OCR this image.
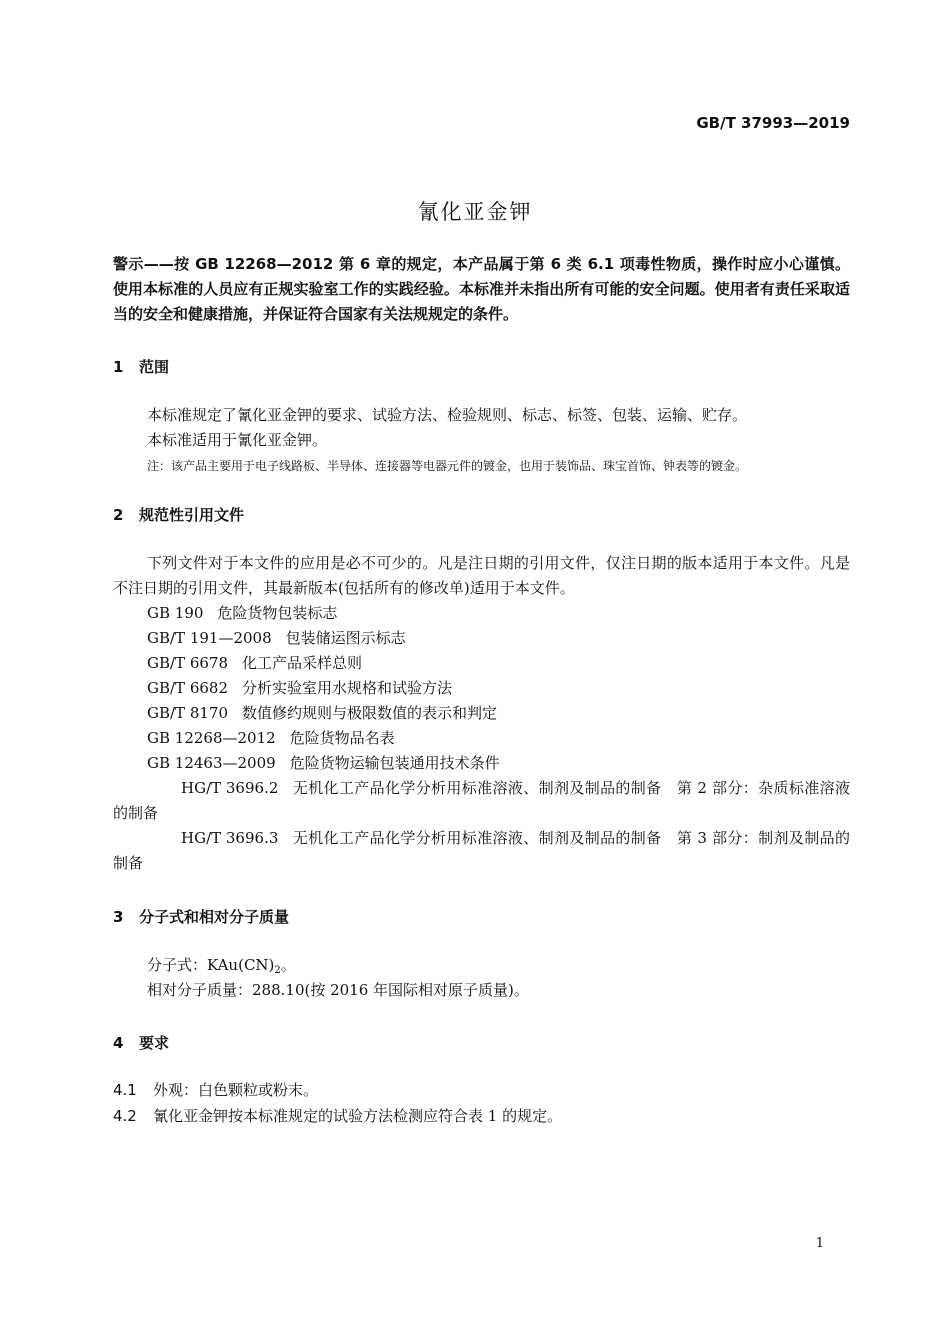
GB/T 37993—2019
氰化亚金钾
警示——按 GB 12268—2012 第 6 章的规定，本产品属于第 6 类 6.1 项毒性物质，操作时应小心谨慎。使用本标准的人员应有正规实验室工作的实践经验。本标准并未指出所有可能的安全问题。使用者有责任采取适当的安全和健康措施，并保证符合国家有关法规规定的条件。
1 范围
本标准规定了氰化亚金钾的要求、试验方法、检验规则、标志、标签、包装、运输、贮存。
本标准适用于氰化亚金钾。
注：该产品主要用于电子线路板、半导体、连接器等电器元件的镀金，也用于装饰品、珠宝首饰、钟表等的镀金。
2 规范性引用文件
下列文件对于本文件的应用是必不可少的。凡是注日期的引用文件，仅注日期的版本适用于本文件。凡是不注日期的引用文件，其最新版本(包括所有的修改单)适用于本文件。
GB 190 危险货物包装标志
GB/T 191—2008 包装储运图示标志
GB/T 6678 化工产品采样总则
GB/T 6682 分析实验室用水规格和试验方法
GB/T 8170 数值修约规则与极限数值的表示和判定
GB 12268—2012 危险货物品名表
GB 12463—2009 危险货物运输包装通用技术条件
HG/T 3696.2 无机化工产品化学分析用标准溶液、制剂及制品的制备　第 2 部分：杂质标准溶液的制备
HG/T 3696.3 无机化工产品化学分析用标准溶液、制剂及制品的制备　第 3 部分：制剂及制品的制备
3 分子式和相对分子质量
分子式：$KAu(CN)_2$。
相对分子质量：288.10(按 2016 年国际相对原子质量)。
4 要求
4.1 外观：白色颗粒或粉末。
4.2 氰化亚金钾按本标准规定的试验方法检测应符合表 1 的规定。
1
